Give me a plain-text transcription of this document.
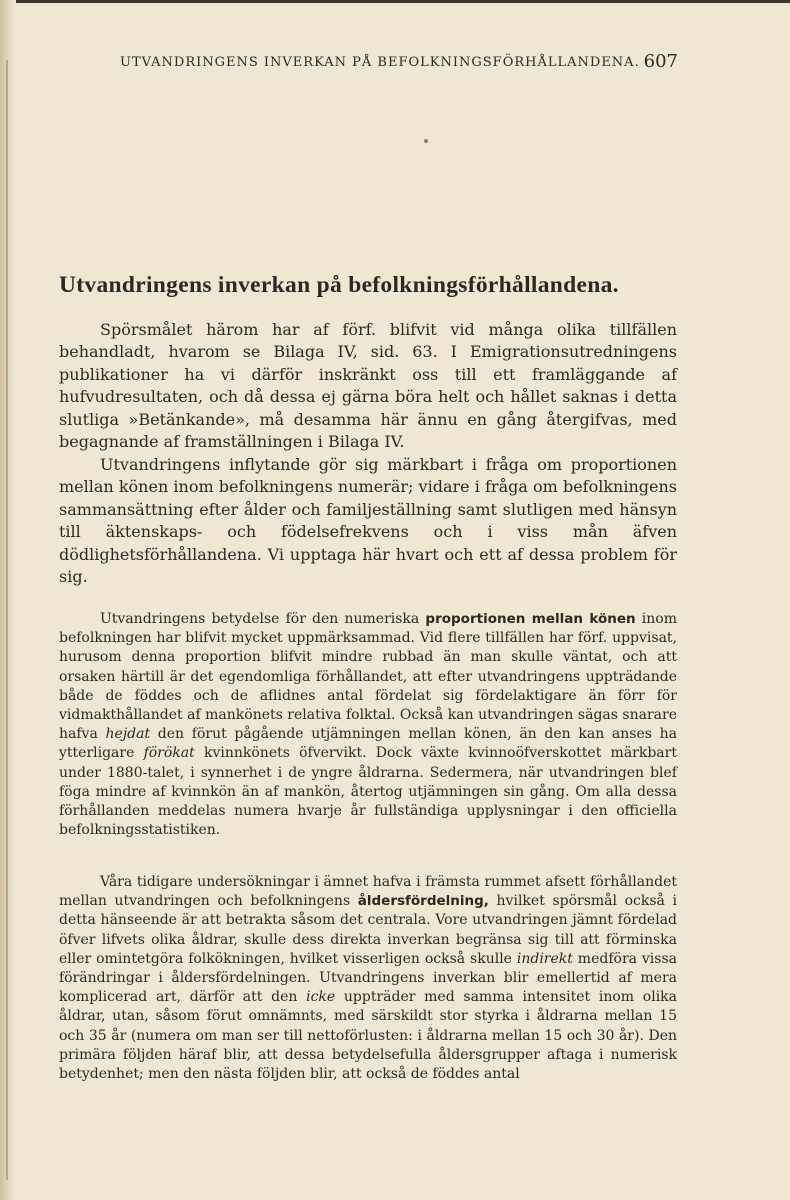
UTVANDRINGENS INVERKAN PÅ BEFOLKNINGSFÖRHÅLLANDENA. 607
Utvandringens inverkan på befolkningsförhållandena.

Spörsmålet härom har af förf. blifvit vid många olika tillfällen behandladt, hvarom se Bilaga IV, sid. 63. I Emigrationsutredningens publikationer ha vi därför inskränkt oss till ett framläggande af hufvudresultaten, och då dessa ej gärna böra helt och hållet saknas i detta slutliga »Betänkande», må desamma här ännu en gång återgifvas, med begagnande af framställningen i Bilaga IV.

Utvandringens inflytande gör sig märkbart i fråga om proportionen mellan könen inom befolkningens numerär; vidare i fråga om befolkningens sammansättning efter ålder och familjeställning samt slutligen med hänsyn till äktenskaps- och födelsefrekvens och i viss mån äfven dödlighetsförhållandena. Vi upptaga här hvart och ett af dessa problem för sig.

Utvandringens betydelse för den numeriska proportionen mellan könen inom befolkningen har blifvit mycket uppmärksammad. Vid flere tillfällen har förf. uppvisat, hurusom denna proportion blifvit mindre rubbad än man skulle väntat, och att orsaken härtill är det egendomliga förhållandet, att efter utvandringens uppträdande både de föddes och de aflidnes antal fördelat sig fördelaktigare än förr för vidmakthållandet af mankönets relativa folktal. Också kan utvandringen sägas snarare hafva hejdat den förut pågående utjämningen mellan könen, än den kan anses ha ytterligare förökat kvinnkönets öfvervikt. Dock växte kvinnoöfverskottet märkbart under 1880-talet, i synnerhet i de yngre åldrarna. Sedermera, när utvandringen blef föga mindre af kvinnkön än af mankön, återtog utjämningen sin gång. Om alla dessa förhållanden meddelas numera hvarje år fullständiga upplysningar i den officiella befolkningsstatistiken.

Våra tidigare undersökningar i ämnet hafva i främsta rummet afsett förhållandet mellan utvandringen och befolkningens åldersfördelning, hvilket spörsmål också i detta hänseende är att betrakta såsom det centrala. Vore utvandringen jämnt fördelad öfver lifvets olika åldrar, skulle dess direkta inverkan begränsa sig till att förminska eller omintetgöra folkökningen, hvilket visserligen också skulle indirekt medföra vissa förändringar i åldersfördelningen. Utvandringens inverkan blir emellertid af mera komplicerad art, därför att den icke uppträder med samma intensitet inom olika åldrar, utan, såsom förut omnämnts, med särskildt stor styrka i åldrarna mellan 15 och 35 år (numera om man ser till nettoförlusten: i åldrarna mellan 15 och 30 år). Den primära följden häraf blir, att dessa betydelsefulla åldersgrupper aftaga i numerisk betydenhet; men den nästa följden blir, att också de föddes antal
